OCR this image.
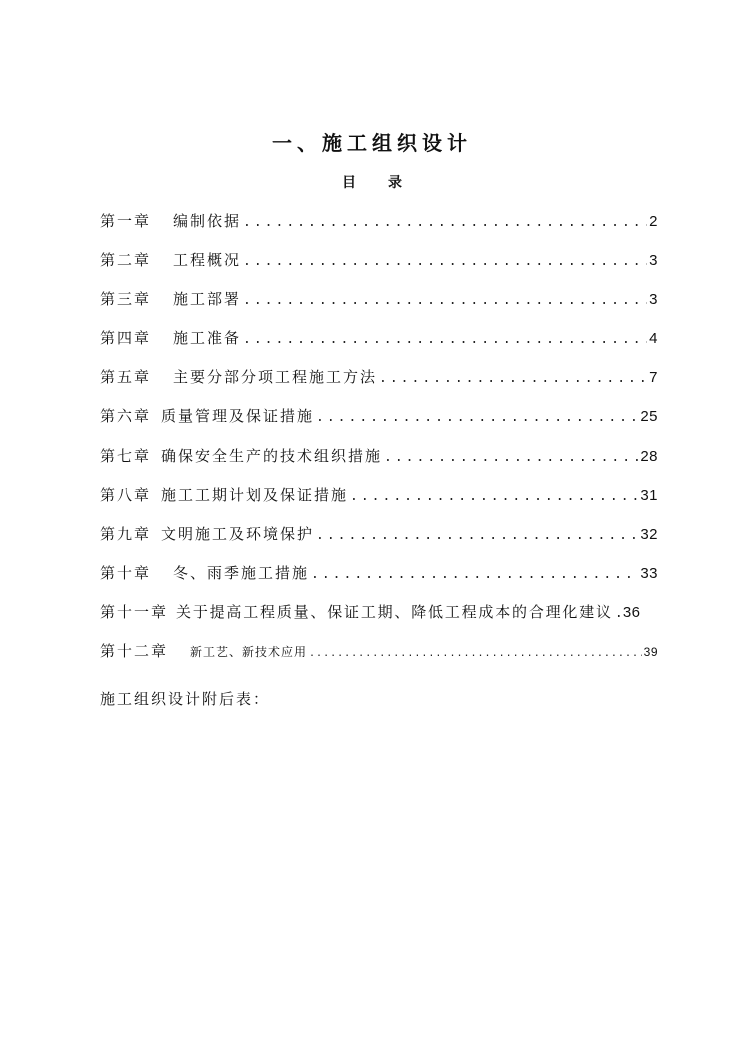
一、施工组织设计
目录
第一章 编制依据 .....	2
第二章 工程概况 .....	3
第三章 施工部署 .....	3
第四章 施工准备 .....	4
第五章 主要分部分项工程施工方法 .....	7
第六章 质量管理及保证措施 .....	25
第七章 确保安全生产的技术组织措施 .....	28
第八章 施工工期计划及保证措施 .....	31
第九章 文明施工及环境保护 .....	32
第十章 冬、雨季施工措施 .....	33
第十一章 关于提高工程质量、保证工期、降低工程成本的合理化建议 ..... 36
第十二章 新工艺、新技术应用 .....	39

施工组织设计附后表：
